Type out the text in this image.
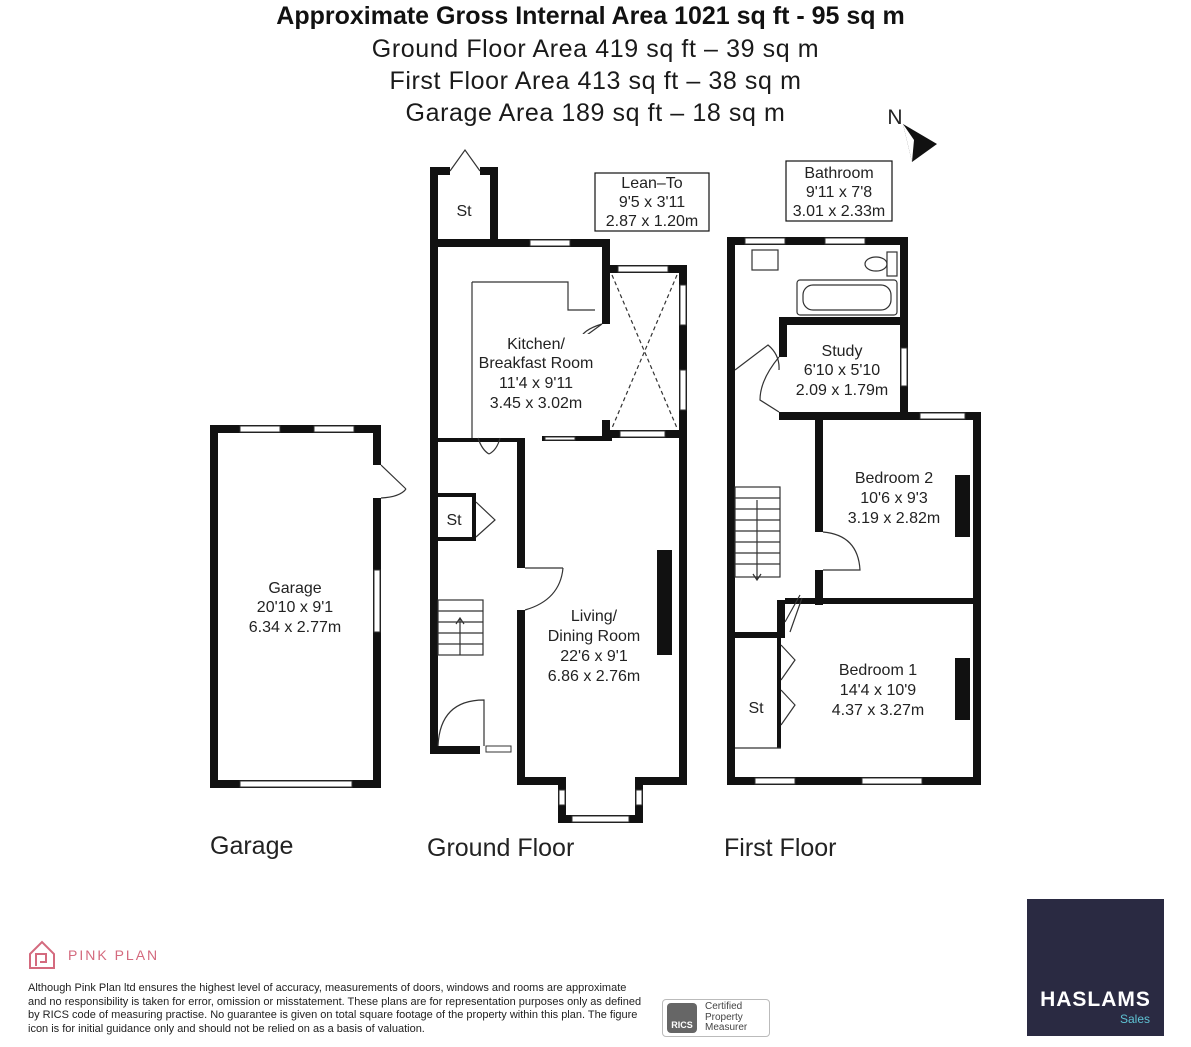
Approximate Gross Internal Area 1021 sq ft - 95 sq m
Ground Floor Area 419 sq ft – 39 sq m
First Floor Area 413 sq ft – 38 sq m
Garage Area 189 sq ft – 18 sq m	N
Garage
20'10 x 9'1
6.34 x 2.77m
St
Lean–To
9'5 x 3'11
2.87 x 1.20m
Kitchen/
Breakfast Room
11'4 x 9'11
3.45 x 3.02m
St
Living/
Dining Room
22'6 x 9'1
6.86 x 2.76m
Bathroom
9'11 x 7'8
3.01 x 2.33m
Study
6'10 x 5'10
2.09 x 1.79m
Bedroom 2
10'6 x 9'3
3.19 x 2.82m
Bedroom 1
14'4 x 10'9
4.37 x 3.27m
St
Garage	Ground Floor	First Floor
PINK PLAN
Although Pink Plan ltd ensures the highest level of accuracy, measurements of doors, windows and rooms are approximate and no responsibility is taken for error, omission or misstatement. These plans are for representation purposes only as defined by RICS code of measuring practise. No guarantee is given on total square footage of the property within this plan. The figure icon is for initial guidance only and should not be relied on as a basis of valuation.	RICS
Certified
Property
Measurer
HASLAMS
Sales
